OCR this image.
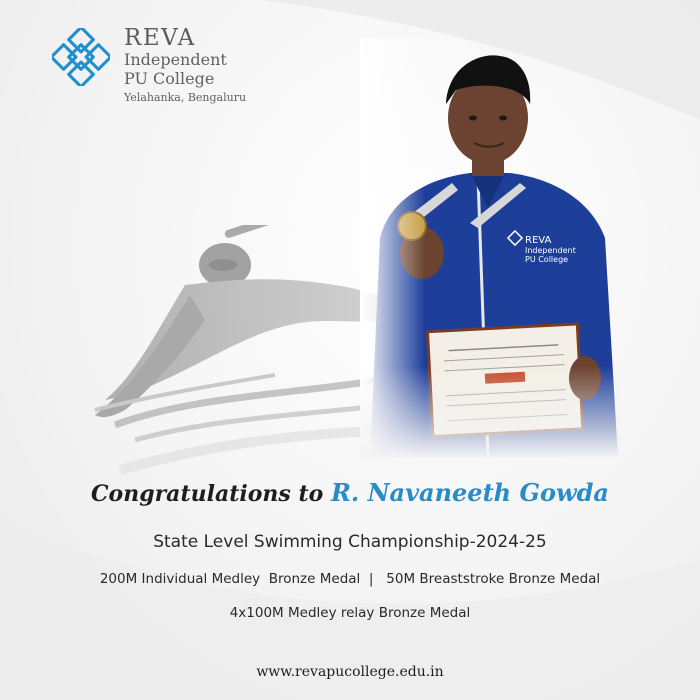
REVA
Independent
PU College
Yelahanka, Bengaluru
Congratulations to R. Navaneeth Gowda
State Level Swimming Championship-2024-25
200M Individual Medley  Bronze Medal  |   50M Breaststroke Bronze Medal
4x100M Medley relay Bronze Medal
www.revapucollege.edu.in
